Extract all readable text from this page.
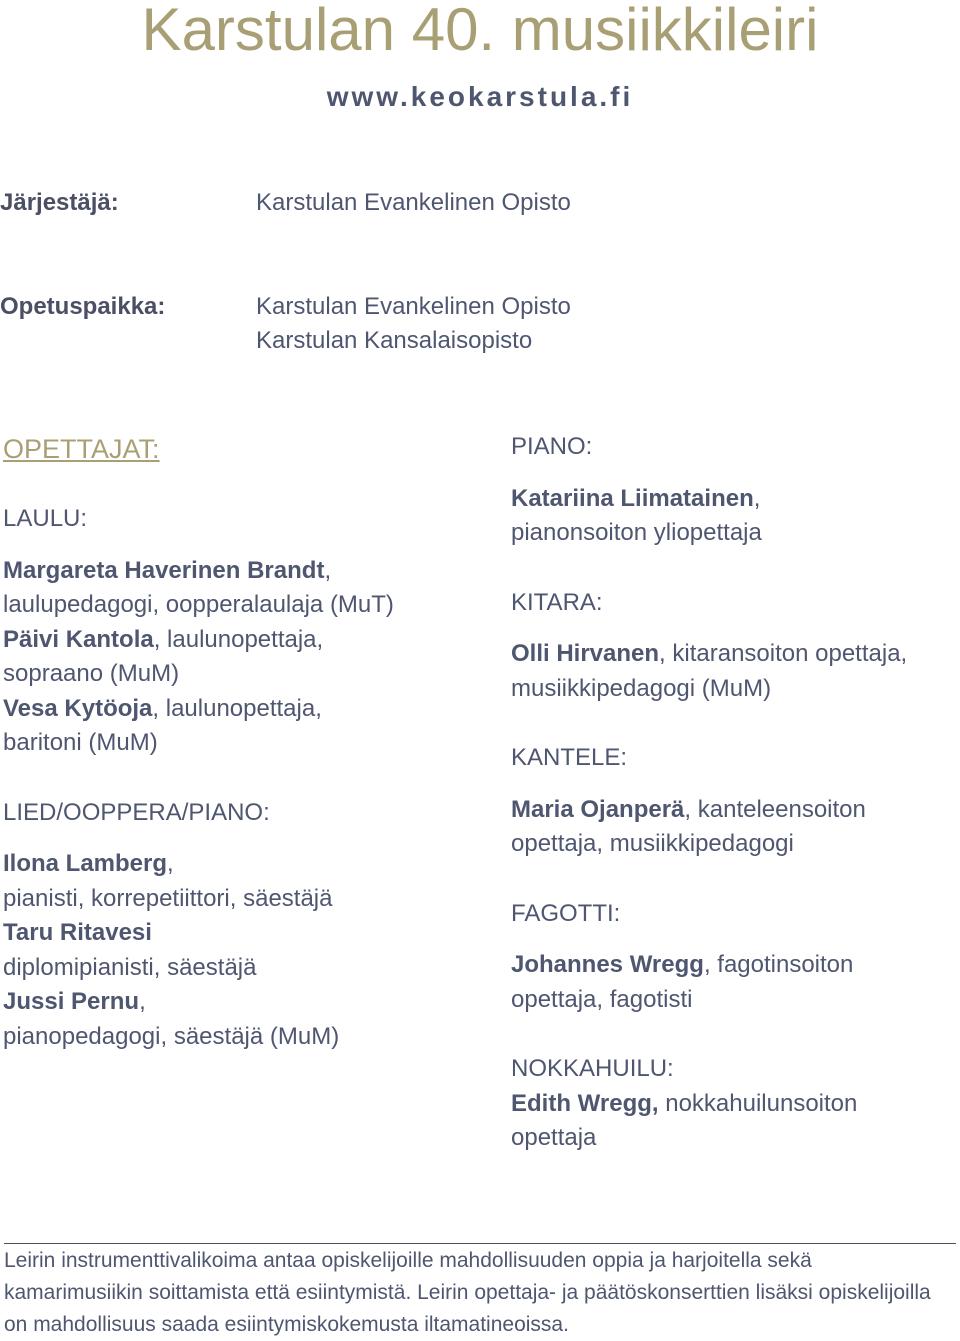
Karstulan 40. musiikkileiri
www.keokarstula.fi
Järjestäjä:	Karstulan Evankelinen Opisto
Opetuspaikka:	Karstulan Evankelinen Opisto
Karstulan Kansalaisopisto
OPETTAJAT:
LAULU:
Margareta Haverinen Brandt,
laulupedagogi, oopperalaulaja (MuT)
Päivi Kantola, laulunopettaja,
sopraano (MuM)
Vesa Kytöoja, laulunopettaja,
baritoni (MuM)
LIED/OOPPERA/PIANO:
Ilona Lamberg,
pianisti, korrepetiittori, säestäjä
Taru Ritavesi
diplomipianisti, säestäjä
Jussi Pernu,
pianopedagogi, säestäjä (MuM)
PIANO:
Katariina Liimatainen,
pianonsoiton yliopettaja
KITARA:
Olli Hirvanen, kitaransoiton opettaja,
musiikkipedagogi (MuM)
KANTELE:
Maria Ojanperä, kanteleensoiton
opettaja, musiikkipedagogi
FAGOTTI:
Johannes Wregg, fagotinsoiton
opettaja, fagotisti
NOKKAHUILU:
Edith Wregg, nokkahuilunsoiton
opettaja
Leirin instrumenttivalikoima antaa opiskelijoille mahdollisuuden oppia ja harjoitella sekä kamarimusiikin soittamista että esiintymistä. Leirin opettaja- ja päätöskonserttien lisäksi opiskelijoilla on mahdollisuus saada esiintymiskokemusta iltamatineoissa.
